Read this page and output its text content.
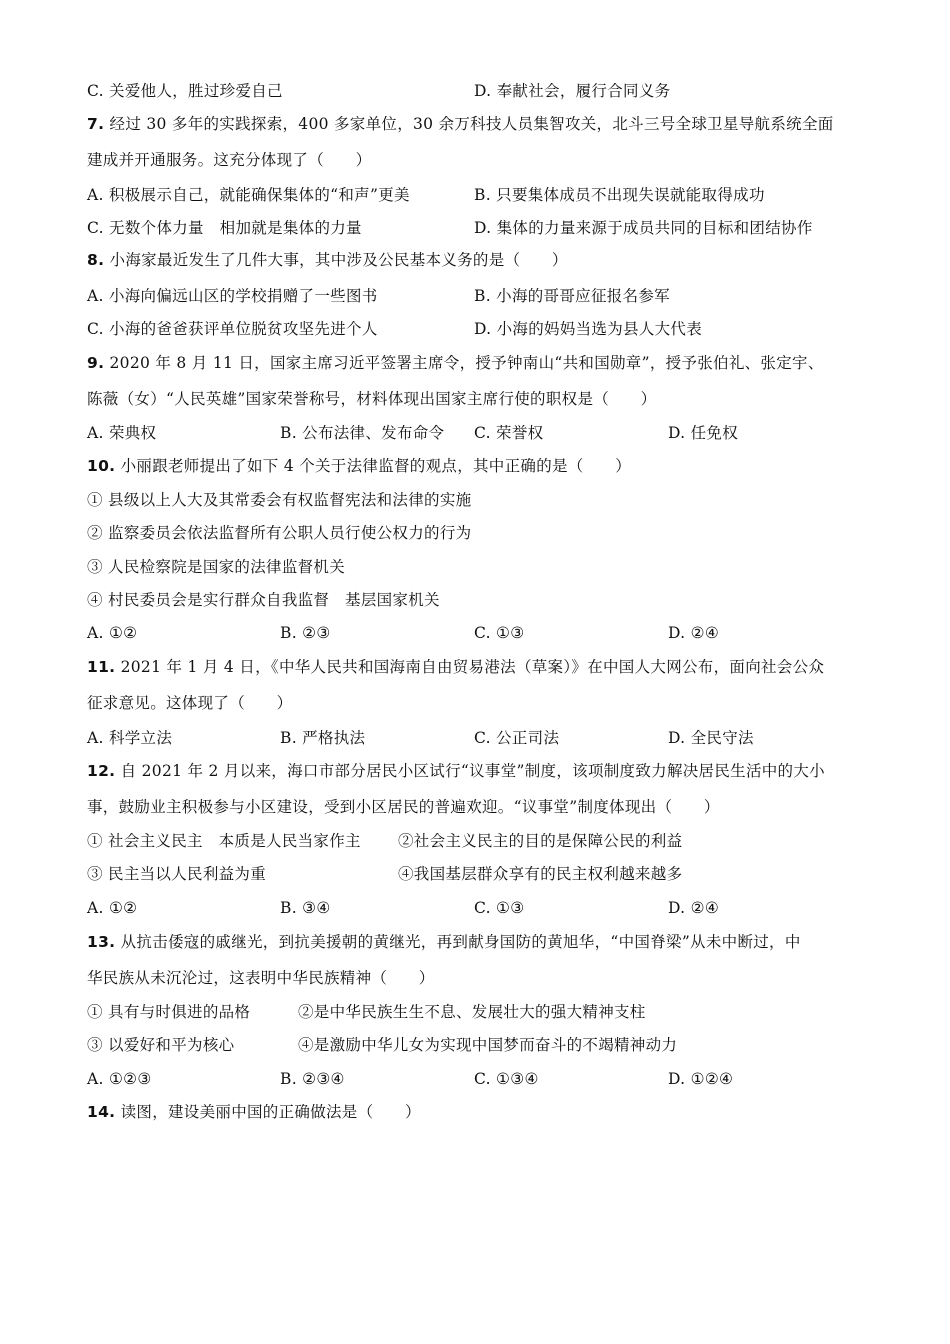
C. 关爱他人，胜过珍爱自己	D. 奉献社会，履行合同义务
7. 经过 30 多年的实践探索，400 多家单位，30 余万科技人员集智攻关，北斗三号全球卫星导航系统全面
建成并开通服务。这充分体现了（　　）
A. 积极展示自己，就能确保集体的“和声”更美	B. 只要集体成员不出现失误就能取得成功
C. 无数个体力量　相加就是集体的力量	D. 集体的力量来源于成员共同的目标和团结协作
8. 小海家最近发生了几件大事，其中涉及公民基本义务的是（　　）
A. 小海向偏远山区的学校捐赠了一些图书	B. 小海的哥哥应征报名参军
C. 小海的爸爸获评单位脱贫攻坚先进个人	D. 小海的妈妈当选为县人大代表
9. 2020 年 8 月 11 日，国家主席习近平签署主席令，授予钟南山“共和国勋章”，授予张伯礼、张定宇、
陈薇（女）“人民英雄”国家荣誉称号，材料体现出国家主席行使的职权是（　　）
A. 荣典权	B. 公布法律、发布命令 C. 荣誉权	D. 任免权
10. 小丽跟老师提出了如下 4 个关于法律监督的观点，其中正确的是（　　）
① 县级以上人大及其常委会有权监督宪法和法律的实施
② 监察委员会依法监督所有公职人员行使公权力的行为
③ 人民检察院是国家的法律监督机关
④ 村民委员会是实行群众自我监督　基层国家机关
A. ①②	B. ②③	C. ①③	D. ②④
11. 2021 年 1 月 4 日，《中华人民共和国海南自由贸易港法（草案）》在中国人大网公布，面向社会公众
征求意见。这体现了（　　）
A. 科学立法	B. 严格执法	C. 公正司法	D. 全民守法
12. 自 2021 年 2 月以来，海口市部分居民小区试行“议事堂”制度，该项制度致力解决居民生活中的大小
事，鼓励业主积极参与小区建设，受到小区居民的普遍欢迎。“议事堂”制度体现出（　　）
① 社会主义民主　本质是人民当家作主 ②社会主义民主的目的是保障公民的利益
③ 民主当以人民利益为重	④我国基层群众享有的民主权利越来越多
A. ①②	B. ③④	C. ①③	D. ②④
13. 从抗击倭寇的戚继光，到抗美援朝的黄继光，再到献身国防的黄旭华，“中国脊梁”从未中断过，中
华民族从未沉沦过，这表明中华民族精神（　　）
① 具有与时俱进的品格	②是中华民族生生不息、发展壮大的强大精神支柱
③ 以爱好和平为核心	④是激励中华儿女为实现中国梦而奋斗的不竭精神动力
A. ①②③	B. ②③④	C. ①③④	D. ①②④
14. 读图，建设美丽中国的正确做法是（　　）
